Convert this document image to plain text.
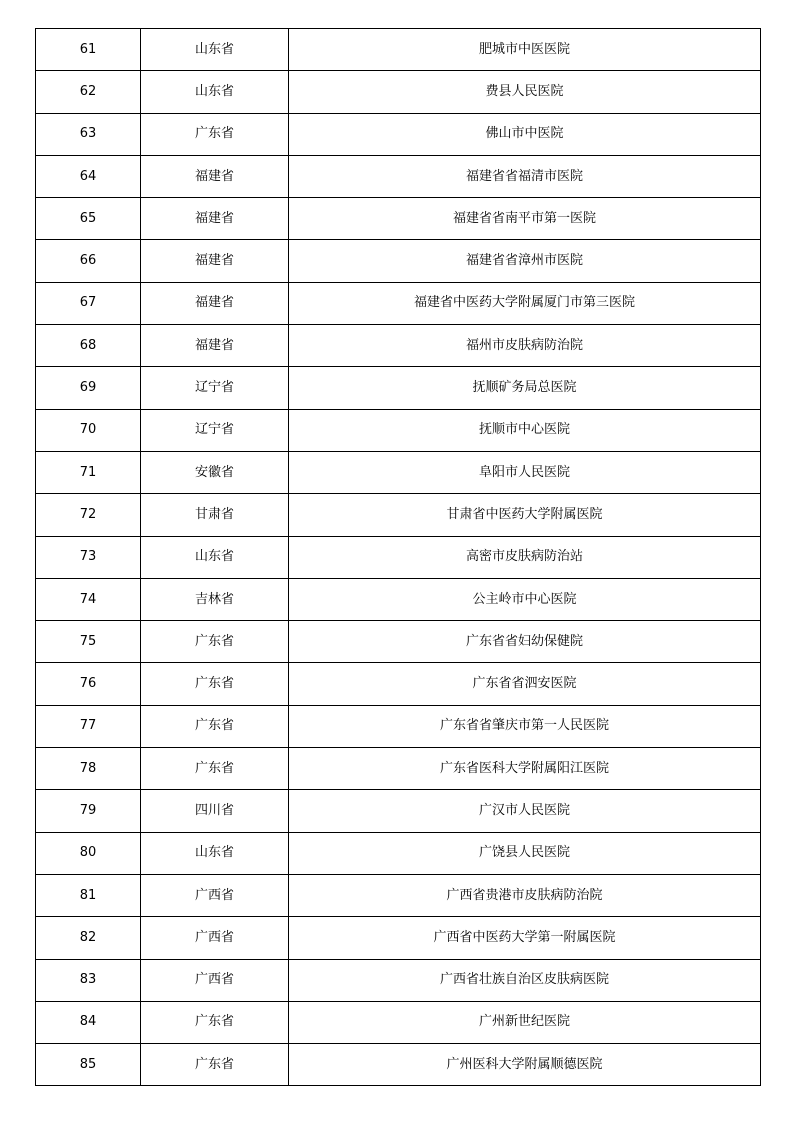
61	山东省	肥城市中医医院
62	山东省	费县人民医院
63	广东省	佛山市中医院
64	福建省	福建省省福清市医院
65	福建省	福建省省南平市第一医院
66	福建省	福建省省漳州市医院
67	福建省	福建省中医药大学附属厦门市第三医院
68	福建省	福州市皮肤病防治院
69	辽宁省	抚顺矿务局总医院
70	辽宁省	抚顺市中心医院
71	安徽省	阜阳市人民医院
72	甘肃省	甘肃省中医药大学附属医院
73	山东省	高密市皮肤病防治站
74	吉林省	公主岭市中心医院
75	广东省	广东省省妇幼保健院
76	广东省	广东省省泗安医院
77	广东省	广东省省肇庆市第一人民医院
78	广东省	广东省医科大学附属阳江医院
79	四川省	广汉市人民医院
80	山东省	广饶县人民医院
81	广西省	广西省贵港市皮肤病防治院
82	广西省	广西省中医药大学第一附属医院
83	广西省	广西省壮族自治区皮肤病医院
84	广东省	广州新世纪医院
85	广东省	广州医科大学附属顺德医院
